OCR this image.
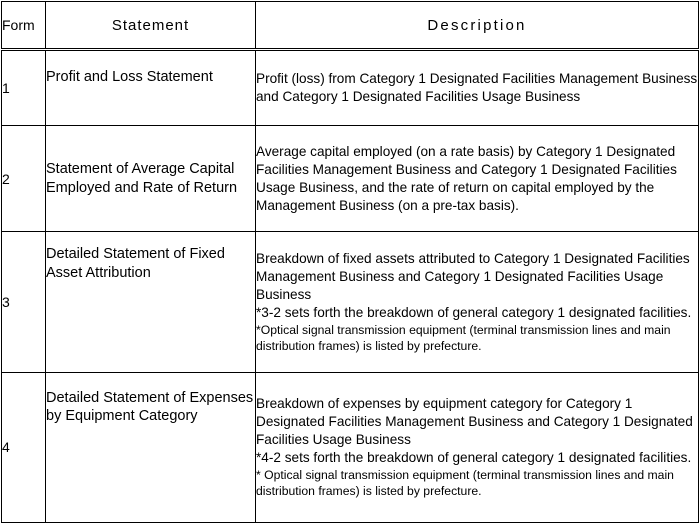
Form	Statement	Description
1	Profit and Loss Statement	Profit (loss) from Category 1 Designated Facilities Management Business and Category 1 Designated Facilities Usage Business
2	Statement of Average Capital Employed and Rate of Return	Average capital employed (on a rate basis) by Category 1 Designated Facilities Management Business and Category 1 Designated Facilities Usage Business, and the rate of return on capital employed by the Management Business (on a pre-tax basis).
3	Detailed Statement of Fixed Asset Attribution	Breakdown of fixed assets attributed to Category 1 Designated Facilities Management Business and Category 1 Designated Facilities Usage Business
*3-2 sets forth the breakdown of general category 1 designated facilities.
*Optical signal transmission equipment (terminal transmission lines and main distribution frames) is listed by prefecture.

4	Detailed Statement of Expenses by Equipment Category	Breakdown of expenses by equipment category for Category 1 Designated Facilities Management Business and Category 1 Designated Facilities Usage Business
*4-2 sets forth the breakdown of general category 1 designated facilities.
* Optical signal transmission equipment (terminal transmission lines and main distribution frames) is listed by prefecture.
